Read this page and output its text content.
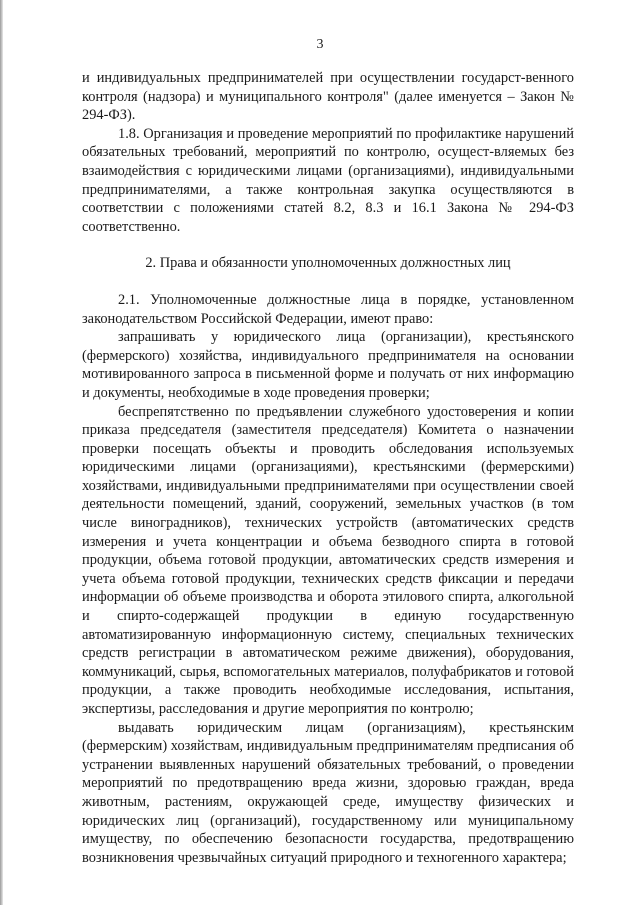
3

и индивидуальных предпринимателей при осуществлении государст-венного контроля (надзора) и муниципального контроля" (далее именуется – Закон № 294-ФЗ).

1.8. Организация и проведение мероприятий по профилактике нарушений обязательных требований, мероприятий по контролю, осущест-вляемых без взаимодействия с юридическими лицами (организациями), индивидуальными предпринимателями, а также контрольная закупка осуществляются в соответствии с положениями статей 8.2, 8.3 и 16.1 Закона № 294-ФЗ соответственно.

2. Права и обязанности уполномоченных должностных лиц

2.1. Уполномоченные должностные лица в порядке, установленном законодательством Российской Федерации, имеют право:

запрашивать у юридического лица (организации), крестьянского (фермерского) хозяйства, индивидуального предпринимателя на основании мотивированного запроса в письменной форме и получать от них информацию и документы, необходимые в ходе проведения проверки;

беспрепятственно по предъявлении служебного удостоверения и копии приказа председателя (заместителя председателя) Комитета о назначении проверки посещать объекты и проводить обследования используемых юридическими лицами (организациями), крестьянскими (фермерскими) хозяйствами, индивидуальными предпринимателями при осуществлении своей деятельности помещений, зданий, сооружений, земельных участков (в том числе виноградников), технических устройств (автоматических средств измерения и учета концентрации и объема безводного спирта в готовой продукции, объема готовой продукции, автоматических средств измерения и учета объема готовой продукции, технических средств фиксации и передачи информации об объеме производства и оборота этилового спирта, алкогольной и спирто-содержащей продукции в единую государственную автоматизированную информационную систему, специальных технических средств регистрации в автоматическом режиме движения), оборудования, коммуникаций, сырья, вспомогательных материалов, полуфабрикатов и готовой продукции, а также проводить необходимые исследования, испытания, экспертизы, расследования и другие мероприятия по контролю;

выдавать юридическим лицам (организациям), крестьянским (фермерским) хозяйствам, индивидуальным предпринимателям предписания об устранении выявленных нарушений обязательных требований, о проведении мероприятий по предотвращению вреда жизни, здоровью граждан, вреда животным, растениям, окружающей среде, имуществу физических и юридических лиц (организаций), государственному или муниципальному имуществу, по обеспечению безопасности государства, предотвращению возникновения чрезвычайных ситуаций природного и техногенного характера;
